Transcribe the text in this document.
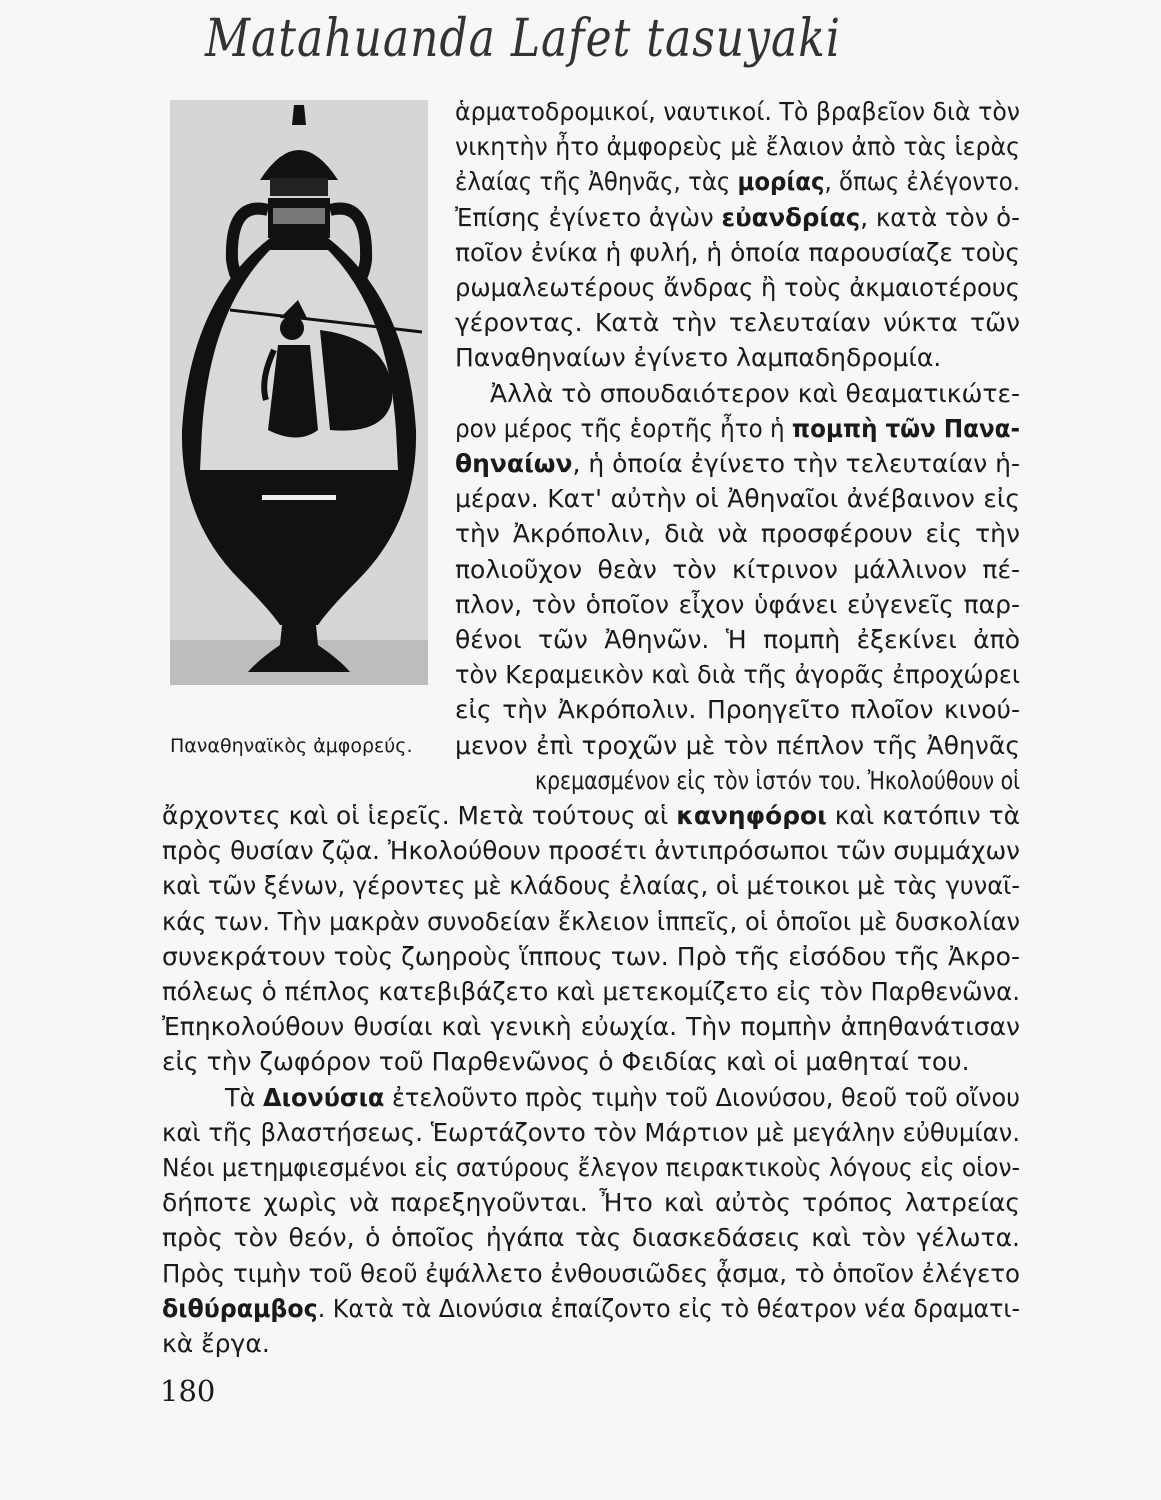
Matahuanda Lafet tasuyaki
Παναθηναϊκὸς ἀμφορεύς.
ἁρματοδρομικοί, ναυτικοί. Τὸ βραβεῖον διὰ τὸν
νικητὴν ἦτο ἀμφορεὺς μὲ ἔλαιον ἀπὸ τὰς ἱερὰς
ἐλαίας τῆς Ἀθηνᾶς, τὰς μορίας, ὅπως ἐλέγοντο.
Ἐπίσης ἐγίνετο ἀγὼν εὐανδρίας, κατὰ τὸν ὁ-
ποῖον ἐνίκα ἡ φυλή, ἡ ὁποία παρουσίαζε τοὺς
ρωμαλεωτέρους ἄνδρας ἢ τοὺς ἀκμαιοτέρους
γέροντας. Κατὰ τὴν τελευταίαν νύκτα τῶν
Παναθηναίων ἐγίνετο λαμπαδηδρομία.
Ἀλλὰ τὸ σπουδαιότερον καὶ θεαματικώτε-
ρον μέρος τῆς ἑορτῆς ἦτο ἡ πομπὴ τῶν Πανα-
θηναίων, ἡ ὁποία ἐγίνετο τὴν τελευταίαν ἡ-
μέραν. Κατ' αὐτὴν οἱ Ἀθηναῖοι ἀνέβαινον εἰς
τὴν Ἀκρόπολιν, διὰ νὰ προσφέρουν εἰς τὴν
πολιοῦχον θεὰν τὸν κίτρινον μάλλινον πέ-
πλον, τὸν ὁποῖον εἶχον ὑφάνει εὐγενεῖς παρ-
θένοι τῶν Ἀθηνῶν. Ἡ πομπὴ ἐξεκίνει ἀπὸ
τὸν Κεραμεικὸν καὶ διὰ τῆς ἀγορᾶς ἐπροχώρει
εἰς τὴν Ἀκρόπολιν. Προηγεῖτο πλοῖον κινού-
μενον ἐπὶ τροχῶν μὲ τὸν πέπλον τῆς Ἀθηνᾶς
κρεμασμένον εἰς τὸν ἱστόν του. Ἠκολούθουν οἱ
ἄρχοντες καὶ οἱ ἱερεῖς. Μετὰ τούτους αἱ κανηφόροι καὶ κατόπιν τὰ
πρὸς θυσίαν ζῷα. Ἠκολούθουν προσέτι ἀντιπρόσωποι τῶν συμμάχων
καὶ τῶν ξένων, γέροντες μὲ κλάδους ἐλαίας, οἱ μέτοικοι μὲ τὰς γυναῖ-
κάς των. Τὴν μακρὰν συνοδείαν ἔκλειον ἱππεῖς, οἱ ὁποῖοι μὲ δυσκολίαν
συνεκράτουν τοὺς ζωηροὺς ἵππους των. Πρὸ τῆς εἰσόδου τῆς Ἀκρο-
πόλεως ὁ πέπλος κατεβιβάζετο καὶ μετεκομίζετο εἰς τὸν Παρθενῶνα.
Ἐπηκολούθουν θυσίαι καὶ γενικὴ εὐωχία. Τὴν πομπὴν ἀπηθανάτισαν
εἰς τὴν ζωφόρον τοῦ Παρθενῶνος ὁ Φειδίας καὶ οἱ μαθηταί του.
Τὰ Διονύσια ἐτελοῦντο πρὸς τιμὴν τοῦ Διονύσου, θεοῦ τοῦ οἴνου
καὶ τῆς βλαστήσεως. Ἑωρτάζοντο τὸν Μάρτιον μὲ μεγάλην εὐθυμίαν.
Νέοι μετημφιεσμένοι εἰς σατύρους ἔλεγον πειρακτικοὺς λόγους εἰς οἱον-
δήποτε χωρὶς νὰ παρεξηγοῦνται. Ἦτο καὶ αὐτὸς τρόπος λατρείας
πρὸς τὸν θεόν, ὁ ὁποῖος ἠγάπα τὰς διασκεδάσεις καὶ τὸν γέλωτα.
Πρὸς τιμὴν τοῦ θεοῦ ἐψάλλετο ἐνθουσιῶδες ᾆσμα, τὸ ὁποῖον ἐλέγετο
διθύραμβος. Κατὰ τὰ Διονύσια ἐπαίζοντο εἰς τὸ θέατρον νέα δραματι-
κὰ ἔργα.
180
